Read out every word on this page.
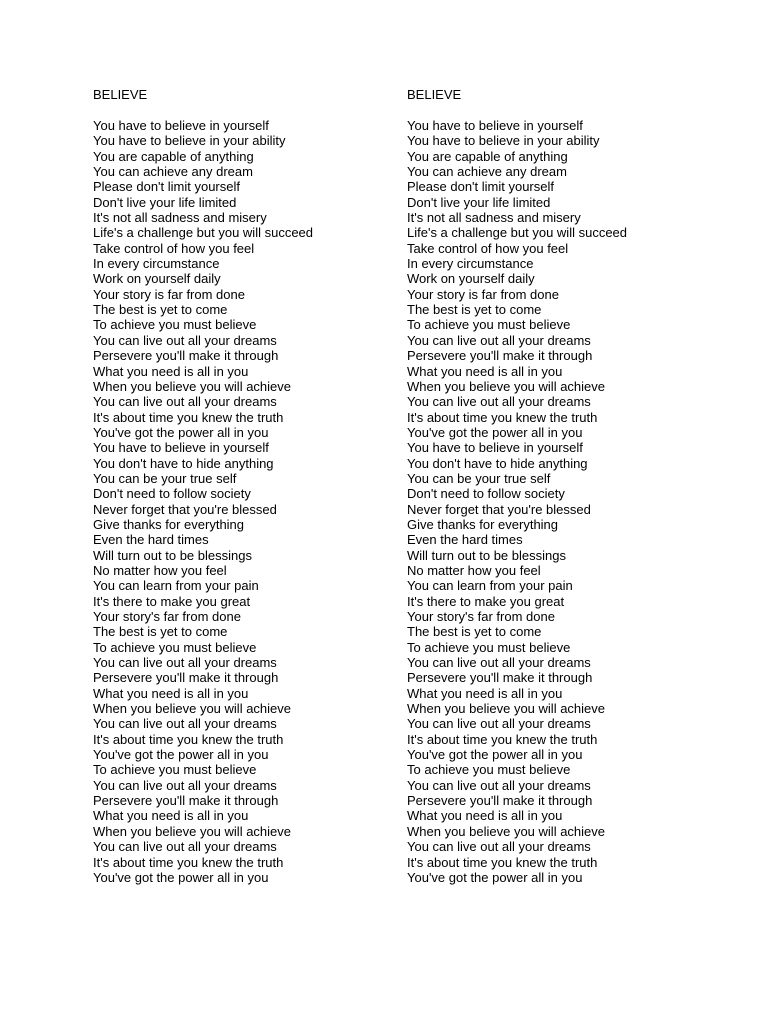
BELIEVE
You have to believe in yourself
You have to believe in your ability
You are capable of anything
You can achieve any dream
Please don't limit yourself
Don't live your life limited
It's not all sadness and misery
Life's a challenge but you will succeed
Take control of how you feel
In every circumstance
Work on yourself daily
Your story is far from done
The best is yet to come
To achieve you must believe
You can live out all your dreams
Persevere you'll make it through
What you need is all in you
When you believe you will achieve
You can live out all your dreams
It's about time you knew the truth
You've got the power all in you
You have to believe in yourself
You don't have to hide anything
You can be your true self
Don't need to follow society
Never forget that you're blessed
Give thanks for everything
Even the hard times
Will turn out to be blessings
No matter how you feel
You can learn from your pain
It's there to make you great
Your story's far from done
The best is yet to come
To achieve you must believe
You can live out all your dreams
Persevere you'll make it through
What you need is all in you
When you believe you will achieve
You can live out all your dreams
It's about time you knew the truth
You've got the power all in you
To achieve you must believe
You can live out all your dreams
Persevere you'll make it through
What you need is all in you
When you believe you will achieve
You can live out all your dreams
It's about time you knew the truth
You've got the power all in you
BELIEVE
You have to believe in yourself
You have to believe in your ability
You are capable of anything
You can achieve any dream
Please don't limit yourself
Don't live your life limited
It's not all sadness and misery
Life's a challenge but you will succeed
Take control of how you feel
In every circumstance
Work on yourself daily
Your story is far from done
The best is yet to come
To achieve you must believe
You can live out all your dreams
Persevere you'll make it through
What you need is all in you
When you believe you will achieve
You can live out all your dreams
It's about time you knew the truth
You've got the power all in you
You have to believe in yourself
You don't have to hide anything
You can be your true self
Don't need to follow society
Never forget that you're blessed
Give thanks for everything
Even the hard times
Will turn out to be blessings
No matter how you feel
You can learn from your pain
It's there to make you great
Your story's far from done
The best is yet to come
To achieve you must believe
You can live out all your dreams
Persevere you'll make it through
What you need is all in you
When you believe you will achieve
You can live out all your dreams
It's about time you knew the truth
You've got the power all in you
To achieve you must believe
You can live out all your dreams
Persevere you'll make it through
What you need is all in you
When you believe you will achieve
You can live out all your dreams
It's about time you knew the truth
You've got the power all in you
